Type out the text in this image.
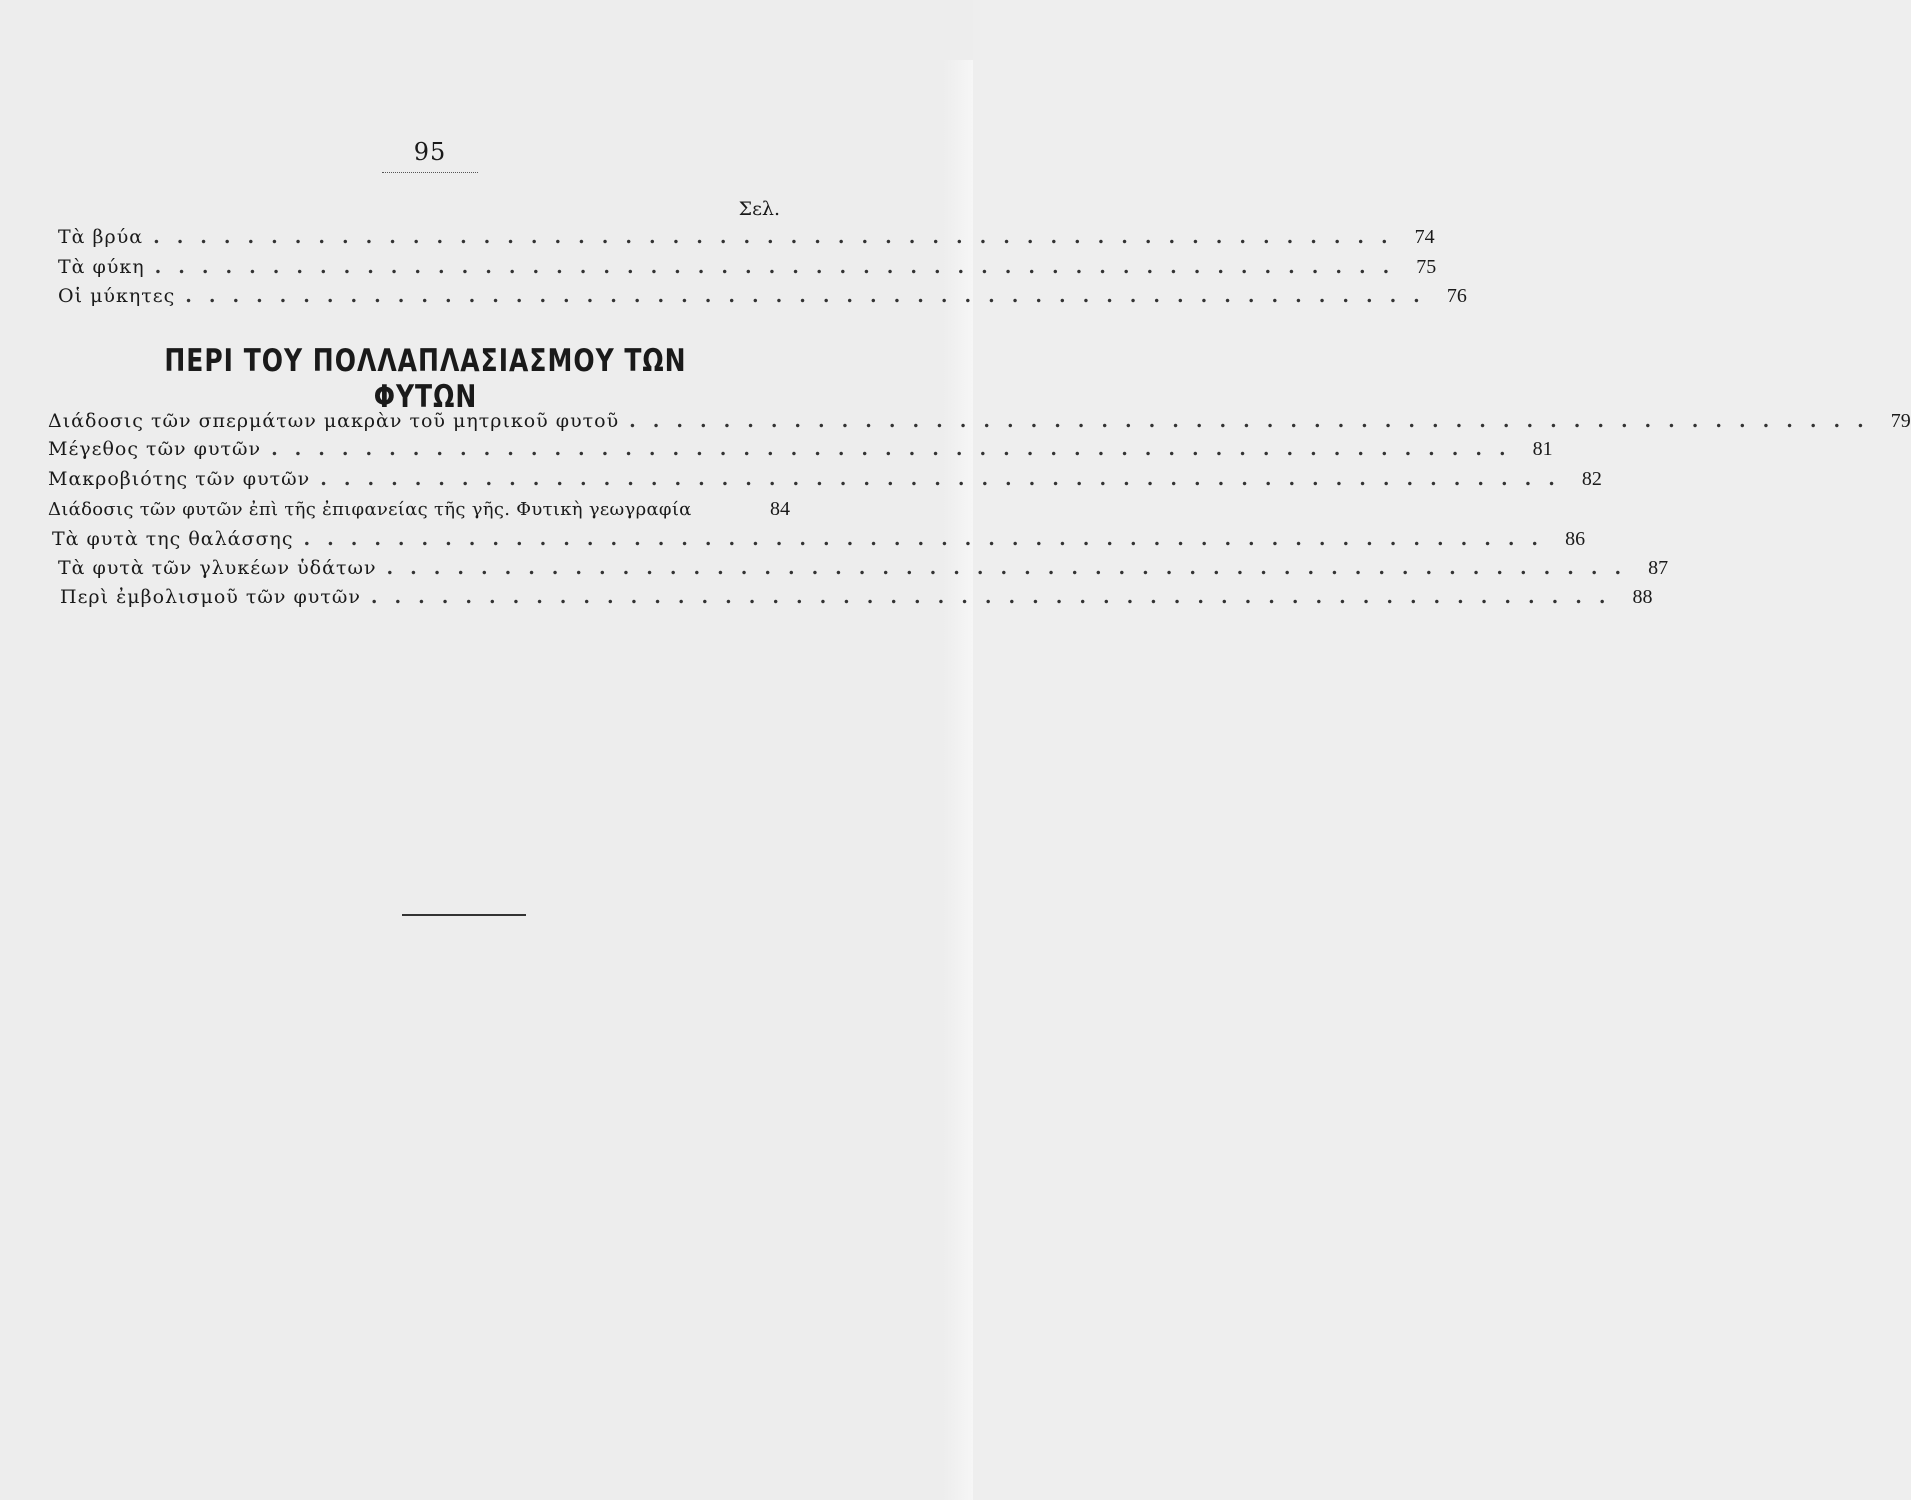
95
Σελ.
Τὰ βρύα ..................................................... 74
Τὰ φύκη ..................................................... 75
Οἱ μύκητες ..................................................... 76
ΠΕΡΙ ΤΟΥ ΠΟΛΛΑΠΛΑΣΙΑΣΜΟΥ ΤΩΝ ΦΥΤΩΝ
Διάδοσις τῶν σπερμάτων μακρὰν τοῦ μητρικοῦ φυτοῦ ..................................................... 79
Μέγεθος τῶν φυτῶν ..................................................... 81
Μακροβιότης τῶν φυτῶν ..................................................... 82
Διάδοσις τῶν φυτῶν ἐπὶ τῆς ἐπιφανείας τῆς γῆς. Φυτικὴ γεωγραφία	84
Τὰ φυτὰ της θαλάσσης ..................................................... 86
Τὰ φυτὰ τῶν γλυκέων ὑδάτων ..................................................... 87
Περὶ ἐμβολισμοῦ τῶν φυτῶν ..................................................... 88
